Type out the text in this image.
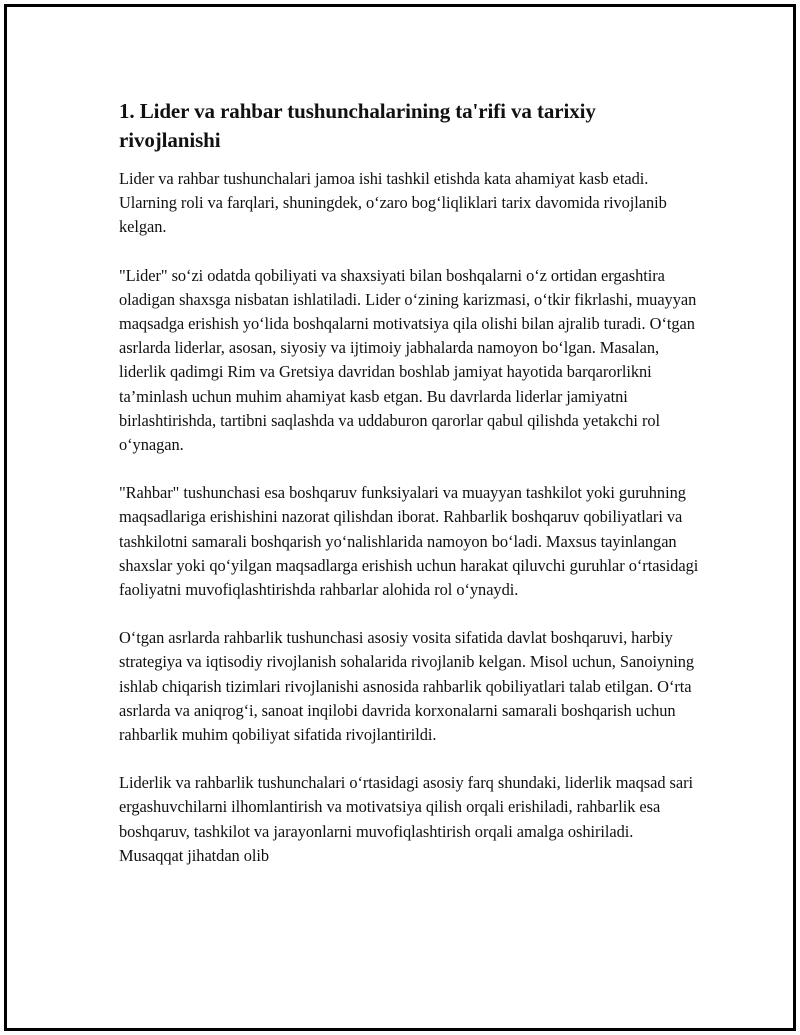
1. Lider va rahbar tushunchalarining ta'rifi va tarixiy rivojlanishi

Lider va rahbar tushunchalari jamoa ishi tashkil etishda kata ahamiyat kasb etadi. Ularning roli va farqlari, shuningdek, o‘zaro bog‘liqliklari tarix davomida rivojlanib kelgan.

"Lider" so‘zi odatda qobiliyati va shaxsiyati bilan boshqalarni o‘z ortidan ergashtira oladigan shaxsga nisbatan ishlatiladi. Lider o‘zining karizmasi, o‘tkir fikrlashi, muayyan maqsadga erishish yo‘lida boshqalarni motivatsiya qila olishi bilan ajralib turadi. O‘tgan asrlarda liderlar, asosan, siyosiy va ijtimoiy jabhalarda namoyon bo‘lgan. Masalan, liderlik qadimgi Rim va Gretsiya davridan boshlab jamiyat hayotida barqarorlikni ta’minlash uchun muhim ahamiyat kasb etgan. Bu davrlarda liderlar jamiyatni birlashtirishda, tartibni saqlashda va uddaburon qarorlar qabul qilishda yetakchi rol o‘ynagan.

"Rahbar" tushunchasi esa boshqaruv funksiyalari va muayyan tashkilot yoki guruhning maqsadlariga erishishini nazorat qilishdan iborat. Rahbarlik boshqaruv qobiliyatlari va tashkilotni samarali boshqarish yo‘nalishlarida namoyon bo‘ladi. Maxsus tayinlangan shaxslar yoki qo‘yilgan maqsadlarga erishish uchun harakat qiluvchi guruhlar o‘rtasidagi faoliyatni muvofiqlashtirishda rahbarlar alohida rol o‘ynaydi.

O‘tgan asrlarda rahbarlik tushunchasi asosiy vosita sifatida davlat boshqaruvi, harbiy strategiya va iqtisodiy rivojlanish sohalarida rivojlanib kelgan. Misol uchun, Sanoiyning ishlab chiqarish tizimlari rivojlanishi asnosida rahbarlik qobiliyatlari talab etilgan. O‘rta asrlarda va aniqrog‘i, sanoat inqilobi davrida korxonalarni samarali boshqarish uchun rahbarlik muhim qobiliyat sifatida rivojlantirildi.

Liderlik va rahbarlik tushunchalari o‘rtasidagi asosiy farq shundaki, liderlik maqsad sari ergashuvchilarni ilhomlantirish va motivatsiya qilish orqali erishiladi, rahbarlik esa boshqaruv, tashkilot va jarayonlarni muvofiqlashtirish orqali amalga oshiriladi. Musaqqat jihatdan olib
